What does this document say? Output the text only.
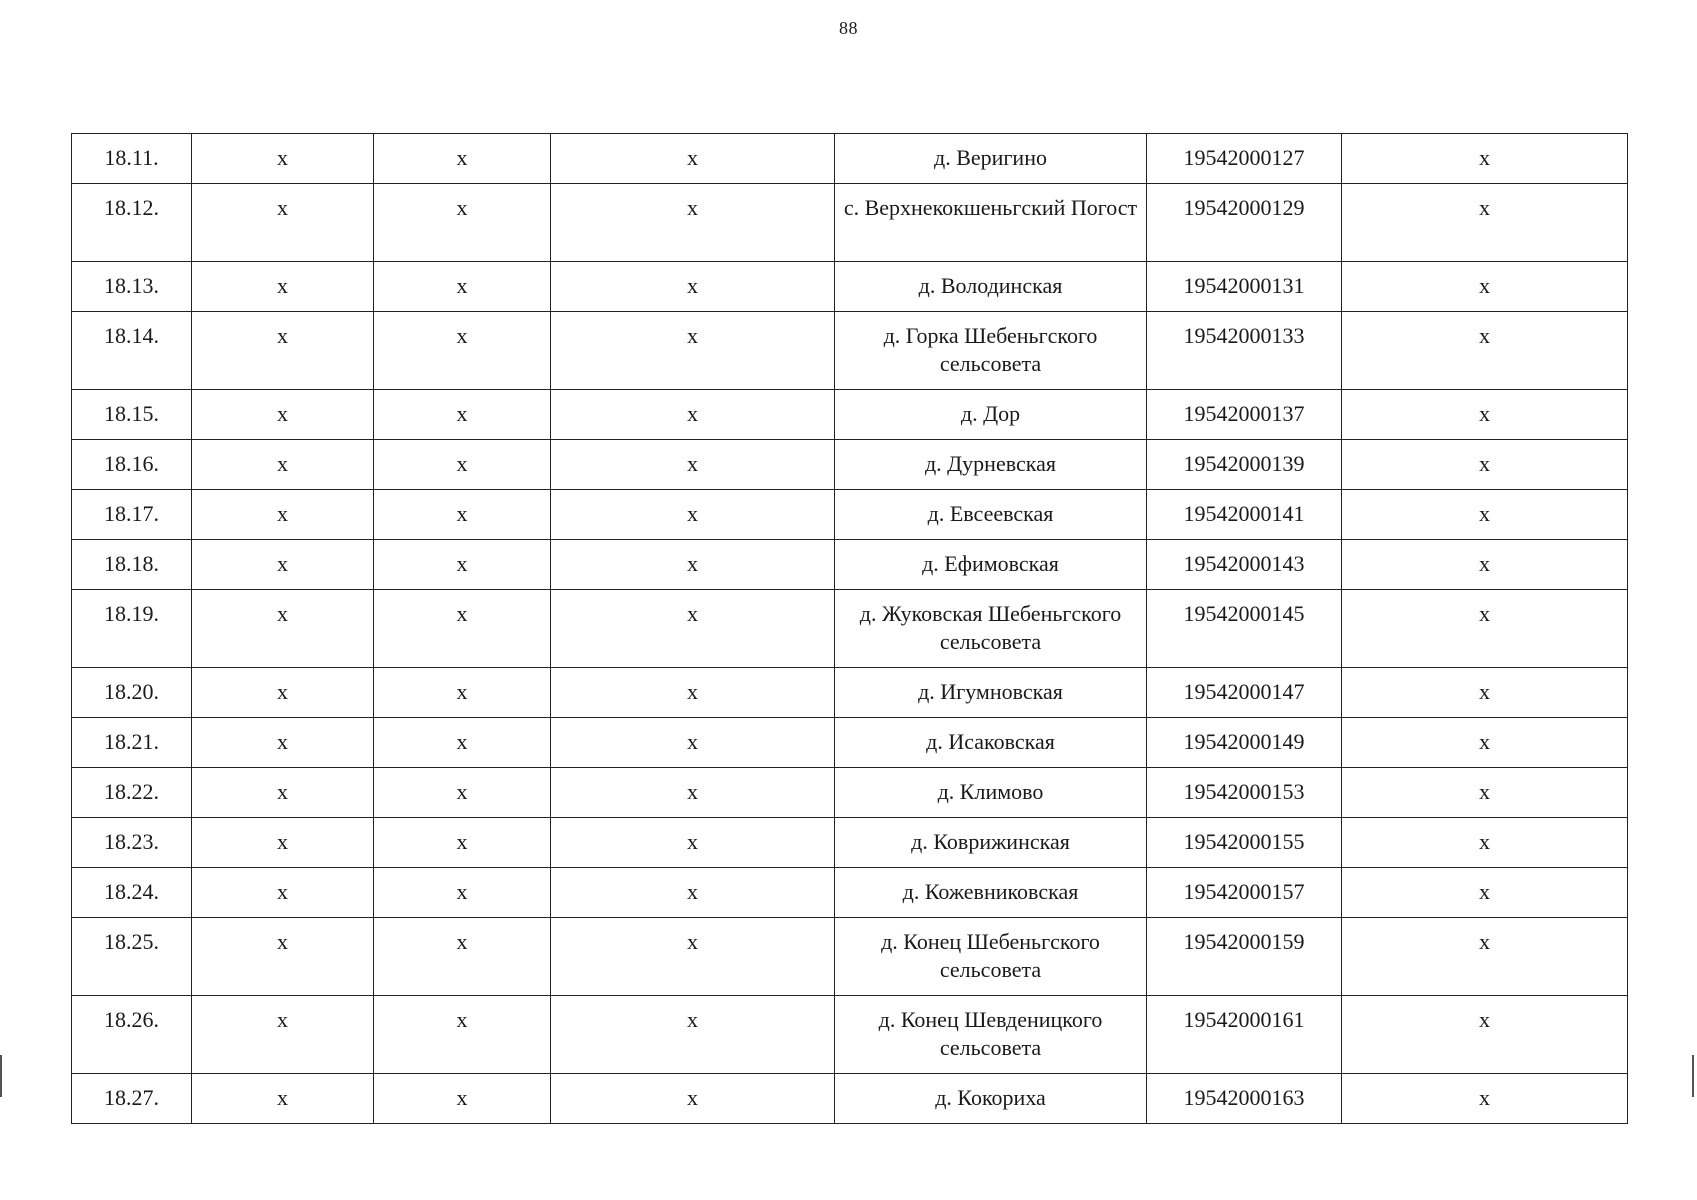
88
18.11.	x	x	x	д. Веригино	19542000127	x
18.12.	x	x	x	с. Верхнекокшеньгский Погост	19542000129	x
18.13.	x	x	x	д. Володинская	19542000131	x
18.14.	x	x	x	д. Горка Шебеньгского сельсовета	19542000133	x
18.15.	x	x	x	д. Дор	19542000137	x
18.16.	x	x	x	д. Дурневская	19542000139	x
18.17.	x	x	x	д. Евсеевская	19542000141	x
18.18.	x	x	x	д. Ефимовская	19542000143	x
18.19.	x	x	x	д. Жуковская Шебеньгского сельсовета	19542000145	x
18.20.	x	x	x	д. Игумновская	19542000147	x
18.21.	x	x	x	д. Исаковская	19542000149	x
18.22.	x	x	x	д. Климово	19542000153	x
18.23.	x	x	x	д. Коврижинская	19542000155	x
18.24.	x	x	x	д. Кожевниковская	19542000157	x
18.25.	x	x	x	д. Конец Шебеньгского сельсовета	19542000159	x
18.26.	x	x	x	д. Конец Шевденицкого сельсовета	19542000161	x
18.27.	x	x	x	д. Кокориха	19542000163	x
